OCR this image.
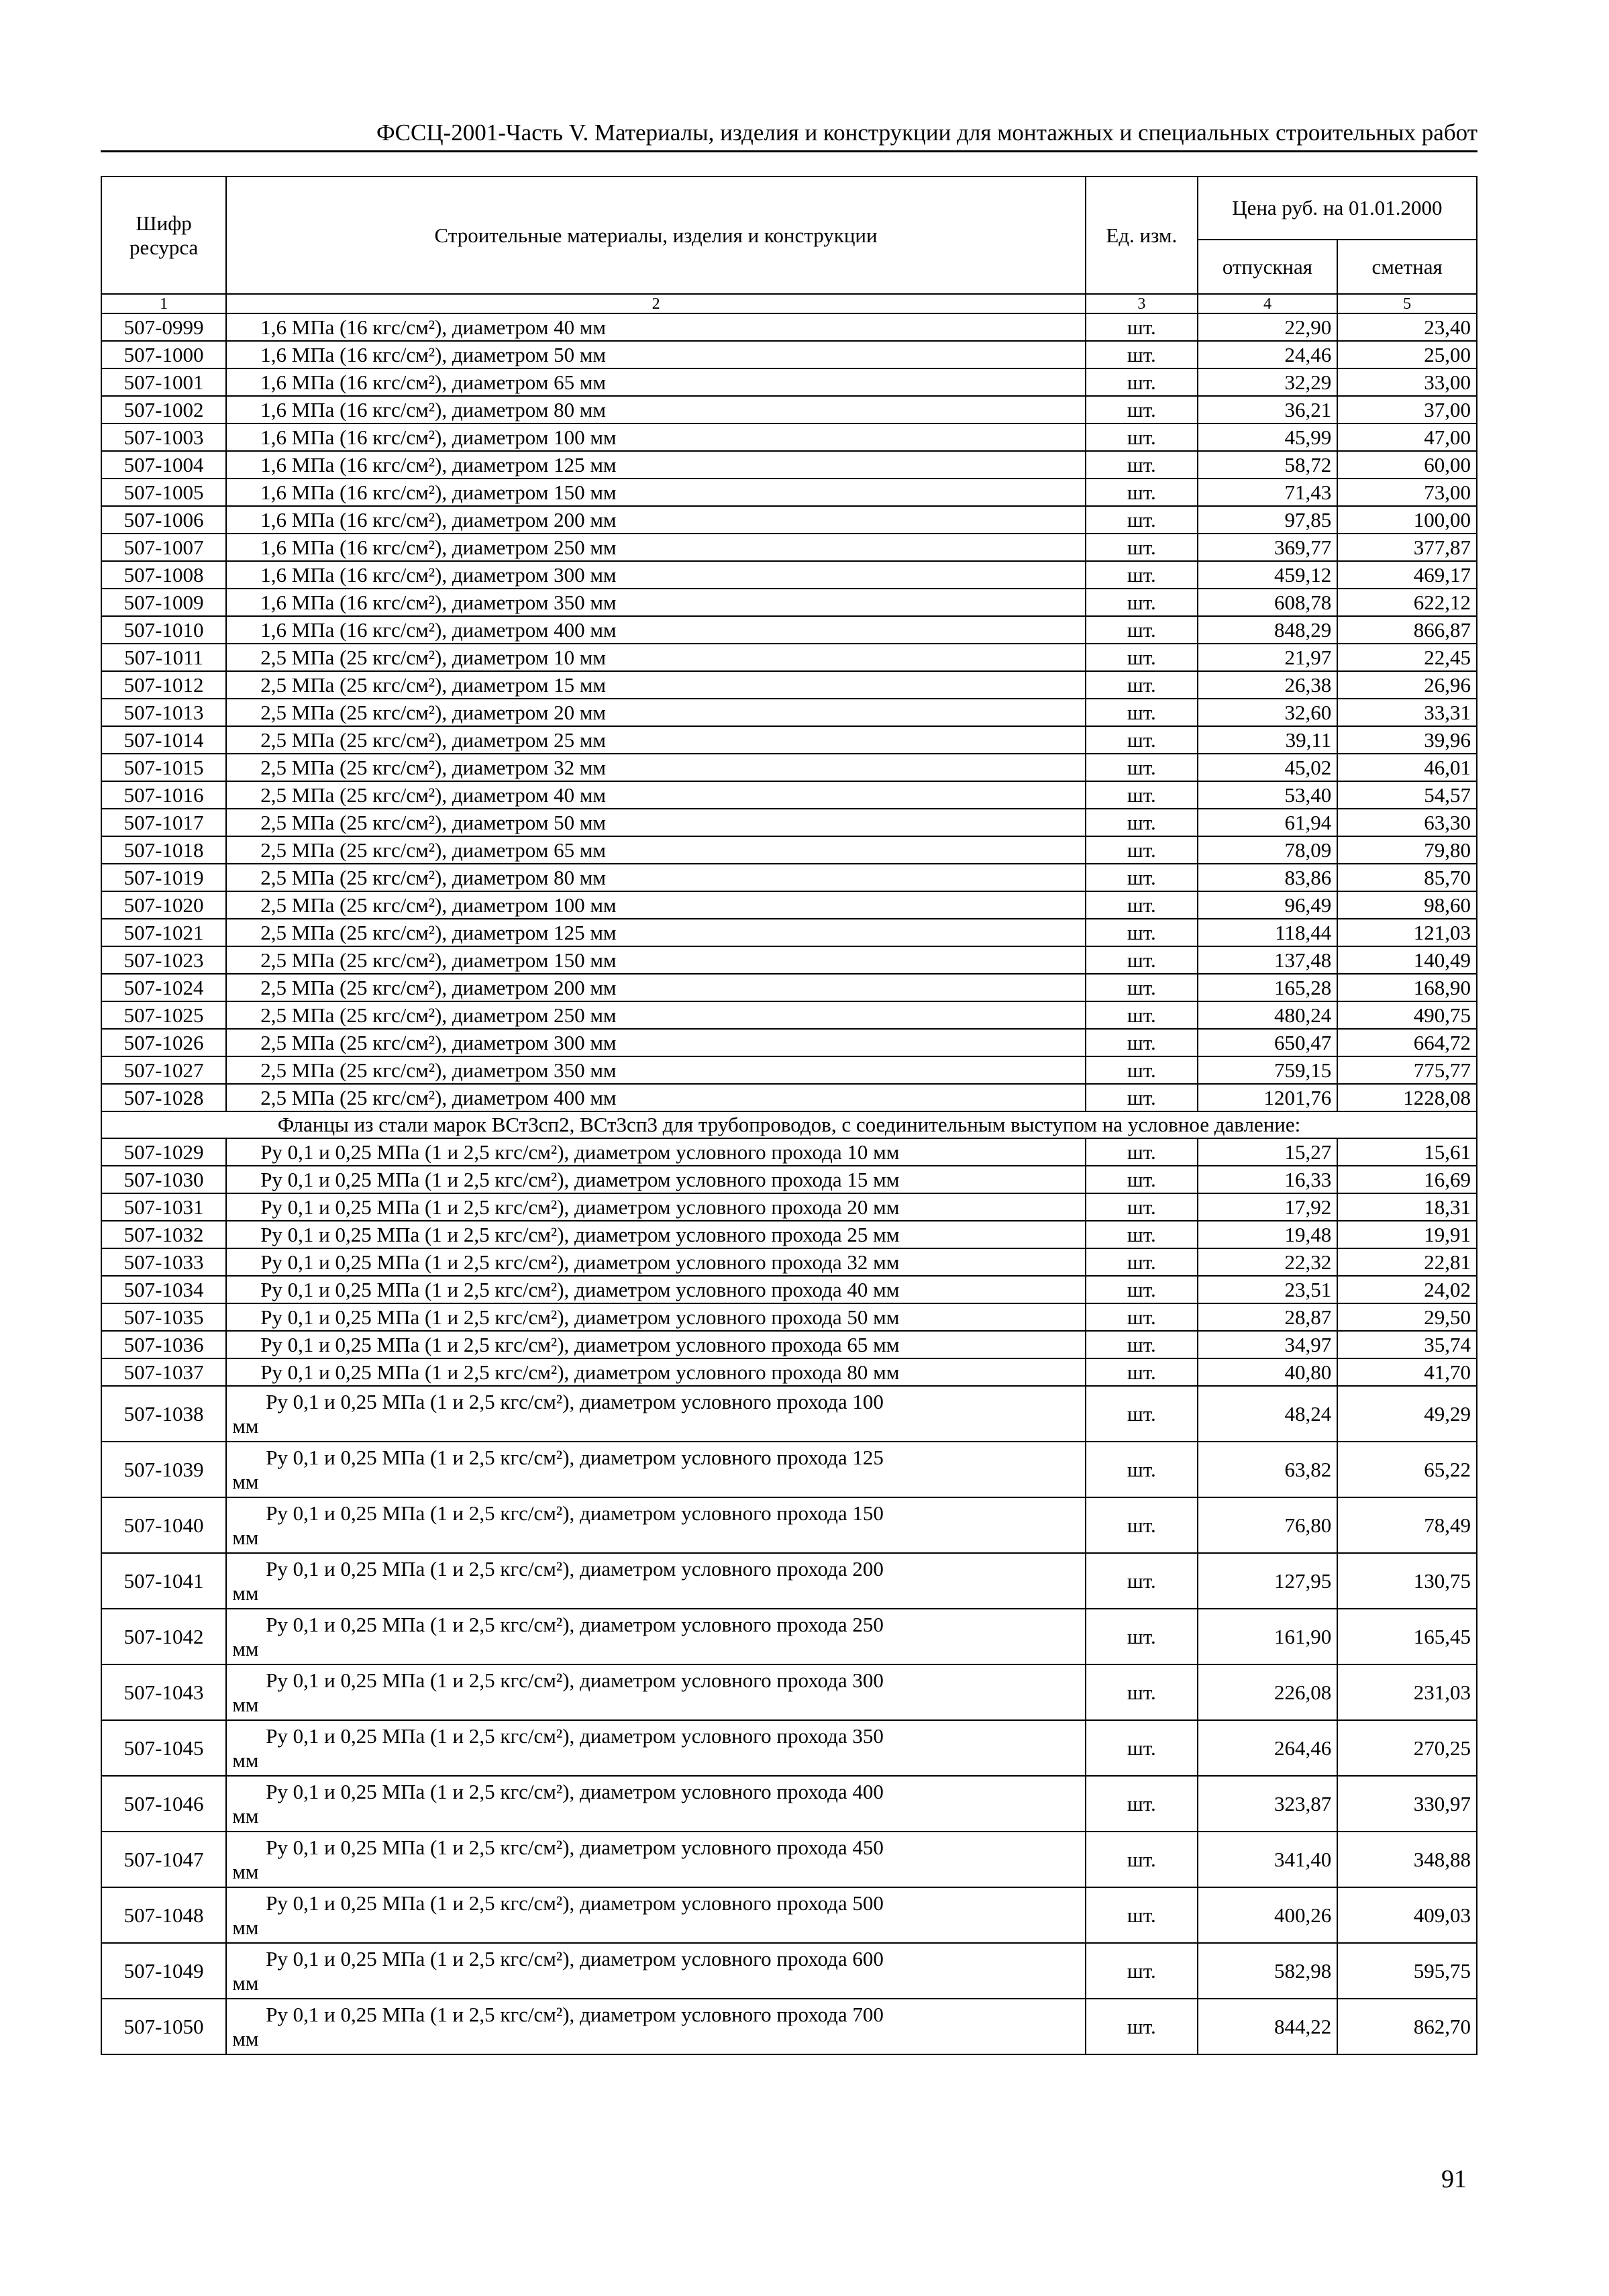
ФССЦ-2001-Часть V. Материалы, изделия и конструкции для монтажных и специальных строительных работ
Шифр ресурса	Строительные материалы, изделия и конструкции	Ед. изм.	Цена руб. на 01.01.2000	
			отпускная	сметная
1	2	3	4	5
507-0999	1,6 МПа (16 кгс/см²), диаметром 40 мм	шт.	22,90	23,40
507-1000	1,6 МПа (16 кгс/см²), диаметром 50 мм	шт.	24,46	25,00
507-1001	1,6 МПа (16 кгс/см²), диаметром 65 мм	шт.	32,29	33,00
507-1002	1,6 МПа (16 кгс/см²), диаметром 80 мм	шт.	36,21	37,00
507-1003	1,6 МПа (16 кгс/см²), диаметром 100 мм	шт.	45,99	47,00
507-1004	1,6 МПа (16 кгс/см²), диаметром 125 мм	шт.	58,72	60,00
507-1005	1,6 МПа (16 кгс/см²), диаметром 150 мм	шт.	71,43	73,00
507-1006	1,6 МПа (16 кгс/см²), диаметром 200 мм	шт.	97,85	100,00
507-1007	1,6 МПа (16 кгс/см²), диаметром 250 мм	шт.	369,77	377,87
507-1008	1,6 МПа (16 кгс/см²), диаметром 300 мм	шт.	459,12	469,17
507-1009	1,6 МПа (16 кгс/см²), диаметром 350 мм	шт.	608,78	622,12
507-1010	1,6 МПа (16 кгс/см²), диаметром 400 мм	шт.	848,29	866,87
507-1011	2,5 МПа (25 кгс/см²), диаметром 10 мм	шт.	21,97	22,45
507-1012	2,5 МПа (25 кгс/см²), диаметром 15 мм	шт.	26,38	26,96
507-1013	2,5 МПа (25 кгс/см²), диаметром 20 мм	шт.	32,60	33,31
507-1014	2,5 МПа (25 кгс/см²), диаметром 25 мм	шт.	39,11	39,96
507-1015	2,5 МПа (25 кгс/см²), диаметром 32 мм	шт.	45,02	46,01
507-1016	2,5 МПа (25 кгс/см²), диаметром 40 мм	шт.	53,40	54,57
507-1017	2,5 МПа (25 кгс/см²), диаметром 50 мм	шт.	61,94	63,30
507-1018	2,5 МПа (25 кгс/см²), диаметром 65 мм	шт.	78,09	79,80
507-1019	2,5 МПа (25 кгс/см²), диаметром 80 мм	шт.	83,86	85,70
507-1020	2,5 МПа (25 кгс/см²), диаметром 100 мм	шт.	96,49	98,60
507-1021	2,5 МПа (25 кгс/см²), диаметром 125 мм	шт.	118,44	121,03
507-1023	2,5 МПа (25 кгс/см²), диаметром 150 мм	шт.	137,48	140,49
507-1024	2,5 МПа (25 кгс/см²), диаметром 200 мм	шт.	165,28	168,90
507-1025	2,5 МПа (25 кгс/см²), диаметром 250 мм	шт.	480,24	490,75
507-1026	2,5 МПа (25 кгс/см²), диаметром 300 мм	шт.	650,47	664,72
507-1027	2,5 МПа (25 кгс/см²), диаметром 350 мм	шт.	759,15	775,77
507-1028	2,5 МПа (25 кгс/см²), диаметром 400 мм	шт.	1201,76	1228,08
Фланцы из стали марок ВСт3сп2, ВСт3сп3 для трубопроводов, с соединительным выступом на условное давление:				
507-1029	Ру 0,1 и 0,25 МПа (1 и 2,5 кгс/см²), диаметром условного прохода 10 мм	шт.	15,27	15,61
507-1030	Ру 0,1 и 0,25 МПа (1 и 2,5 кгс/см²), диаметром условного прохода 15 мм	шт.	16,33	16,69
507-1031	Ру 0,1 и 0,25 МПа (1 и 2,5 кгс/см²), диаметром условного прохода 20 мм	шт.	17,92	18,31
507-1032	Ру 0,1 и 0,25 МПа (1 и 2,5 кгс/см²), диаметром условного прохода 25 мм	шт.	19,48	19,91
507-1033	Ру 0,1 и 0,25 МПа (1 и 2,5 кгс/см²), диаметром условного прохода 32 мм	шт.	22,32	22,81
507-1034	Ру 0,1 и 0,25 МПа (1 и 2,5 кгс/см²), диаметром условного прохода 40 мм	шт.	23,51	24,02
507-1035	Ру 0,1 и 0,25 МПа (1 и 2,5 кгс/см²), диаметром условного прохода 50 мм	шт.	28,87	29,50
507-1036	Ру 0,1 и 0,25 МПа (1 и 2,5 кгс/см²), диаметром условного прохода 65 мм	шт.	34,97	35,74
507-1037	Ру 0,1 и 0,25 МПа (1 и 2,5 кгс/см²), диаметром условного прохода 80 мм	шт.	40,80	41,70
507-1038	Ру 0,1 и 0,25 МПа (1 и 2,5 кгс/см²), диаметром условного прохода 100
мм	шт.	48,24	49,29
507-1039	Ру 0,1 и 0,25 МПа (1 и 2,5 кгс/см²), диаметром условного прохода 125
мм	шт.	63,82	65,22
507-1040	Ру 0,1 и 0,25 МПа (1 и 2,5 кгс/см²), диаметром условного прохода 150
мм	шт.	76,80	78,49
507-1041	Ру 0,1 и 0,25 МПа (1 и 2,5 кгс/см²), диаметром условного прохода 200
мм	шт.	127,95	130,75
507-1042	Ру 0,1 и 0,25 МПа (1 и 2,5 кгс/см²), диаметром условного прохода 250
мм	шт.	161,90	165,45
507-1043	Ру 0,1 и 0,25 МПа (1 и 2,5 кгс/см²), диаметром условного прохода 300
мм	шт.	226,08	231,03
507-1045	Ру 0,1 и 0,25 МПа (1 и 2,5 кгс/см²), диаметром условного прохода 350
мм	шт.	264,46	270,25
507-1046	Ру 0,1 и 0,25 МПа (1 и 2,5 кгс/см²), диаметром условного прохода 400
мм	шт.	323,87	330,97
507-1047	Ру 0,1 и 0,25 МПа (1 и 2,5 кгс/см²), диаметром условного прохода 450
мм	шт.	341,40	348,88
507-1048	Ру 0,1 и 0,25 МПа (1 и 2,5 кгс/см²), диаметром условного прохода 500
мм	шт.	400,26	409,03
507-1049	Ру 0,1 и 0,25 МПа (1 и 2,5 кгс/см²), диаметром условного прохода 600
мм	шт.	582,98	595,75
507-1050	Ру 0,1 и 0,25 МПа (1 и 2,5 кгс/см²), диаметром условного прохода 700
мм	шт.	844,22	862,70
91
